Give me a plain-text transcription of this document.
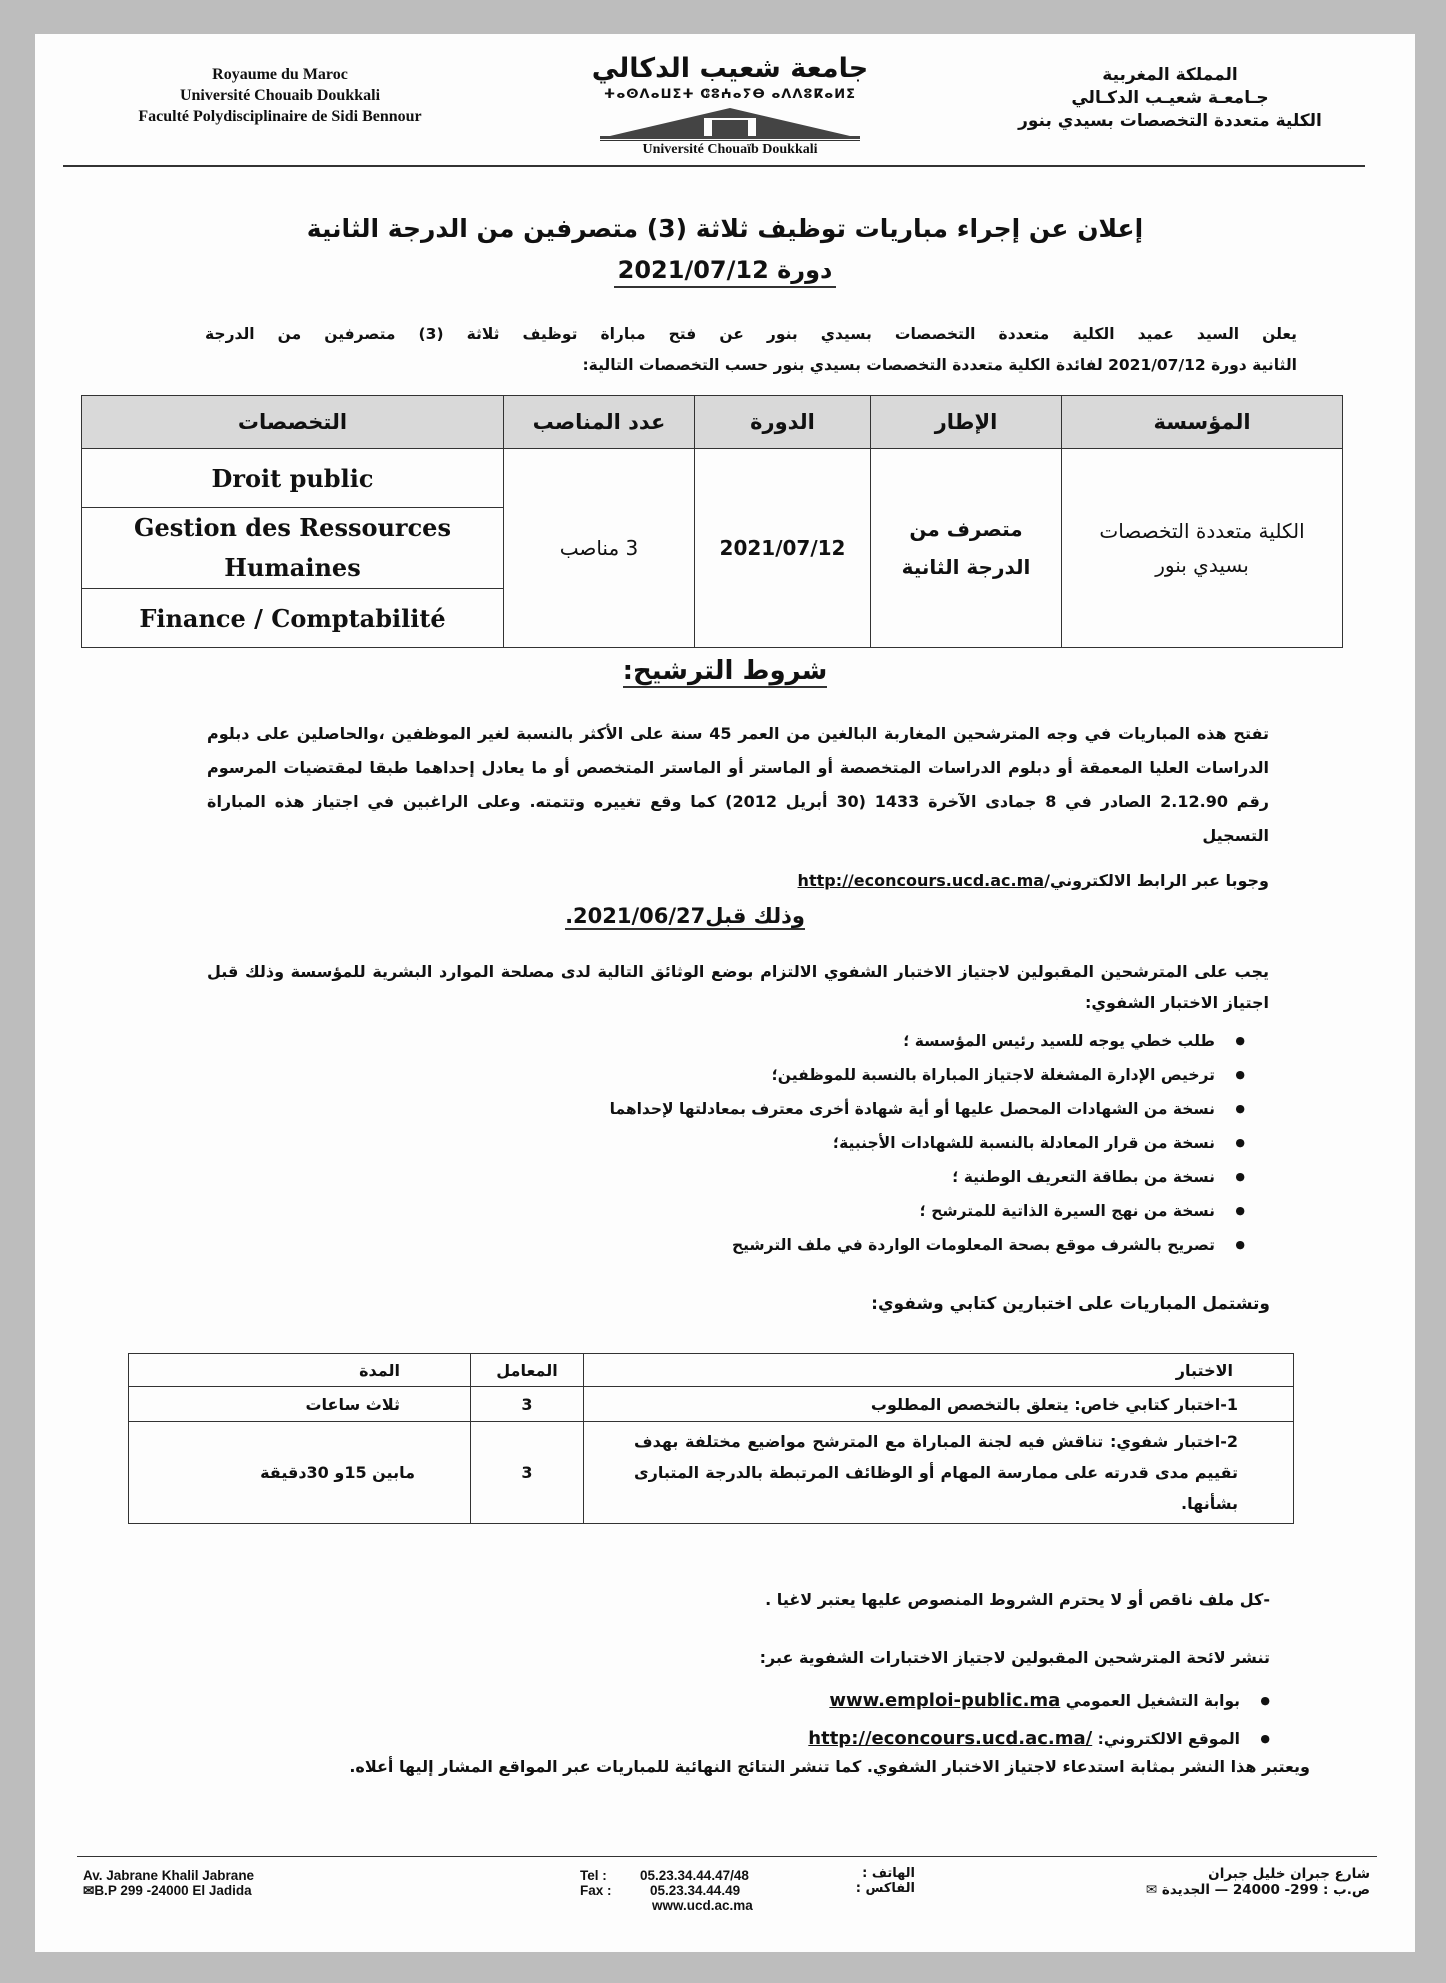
Royaume du Maroc
Université Chouaib Doukkali
Faculté Polydisciplinaire de Sidi Bennour
جامعة شعيب الدكالي
ⵜⴰⵙⴷⴰⵡⵉⵜ ⵛⵓⵄⴰⵢⴱ ⴰⴷⴷⵓⴽⴰⵍⵉ
Université Chouaïb Doukkali
المملكة المغربية
جـامعـة شعيـب الدكـالي
الكلية متعددة التخصصات بسيدي بنور
إعلان عن إجراء مباريات توظيف ثلاثة (3) متصرفين من الدرجة الثانية
دورة 2021/07/12
يعلن السيد عميد الكلية متعددة التخصصات بسيدي بنور عن فتح مباراة توظيف ثلاثة (3) متصرفين من الدرجة
الثانية دورة 2021/07/12 لفائدة الكلية متعددة التخصصات بسيدي بنور حسب التخصصات التالية:
المؤسسة	الإطار	الدورة	عدد المناصب	التخصصات
الكلية متعددة التخصصات بسيدي بنور	متصرف من الدرجة الثانية	2021/07/12	3 مناصب	Droit public
				Gestion des Ressources Humaines
				Finance / Comptabilité
شروط الترشيح:
تفتح هذه المباريات في وجه المترشحين المغاربة البالغين من العمر 45 سنة على الأكثر بالنسبة لغير الموظفين ،والحاصلين على دبلوم الدراسات العليا المعمقة أو دبلوم الدراسات المتخصصة أو الماستر أو الماستر المتخصص أو ما يعادل إحداهما طبقا لمقتضيات المرسوم رقم 2.12.90 الصادر في 8 جمادى الآخرة 1433 (30 أبريل 2012) كما وقع تغييره وتتمته. وعلى الراغبين في اجتياز هذه المباراة التسجيل
وجوبا عبر الرابط الالكتروني/http://econcours.ucd.ac.ma
وذلك قبل2021/06/27.
يجب على المترشحين المقبولين لاجتياز الاختبار الشفوي الالتزام بوضع الوثائق التالية لدى مصلحة الموارد البشرية للمؤسسة وذلك قبل اجتياز الاختبار الشفوي:
● طلب خطي يوجه للسيد رئيس المؤسسة ؛
● ترخيص الإدارة المشغلة لاجتياز المباراة بالنسبة للموظفين؛
● نسخة من الشهادات المحصل عليها أو أية شهادة أخرى معترف بمعادلتها لإحداهما
● نسخة من قرار المعادلة بالنسبة للشهادات الأجنبية؛
● نسخة من بطاقة التعريف الوطنية ؛
● نسخة من نهج السيرة الذاتية للمترشح ؛
● تصريح بالشرف موقع بصحة المعلومات الواردة في ملف الترشيح
وتشتمل المباريات على اختبارين كتابي وشفوي:
الاختبار	المعامل	المدة
1-اختبار كتابي خاص: يتعلق بالتخصص المطلوب	3	ثلاث ساعات
2-اختبار شفوي: تناقش فيه لجنة المباراة مع المترشح مواضيع مختلفة بهدف تقييم مدى قدرته على ممارسة المهام أو الوظائف المرتبطة بالدرجة المتبارى بشأنها.	3	مابين 15و 30دقيقة
-كل ملف ناقص أو لا يحترم الشروط المنصوص عليها يعتبر لاغيا .
تنشر لائحة المترشحين المقبولين لاجتياز الاختبارات الشفوية عبر:
● بوابة التشغيل العمومي www.emploi-public.ma
● الموقع الالكتروني: http://econcours.ucd.ac.ma/
ويعتبر هذا النشر بمثابة استدعاء لاجتياز الاختبار الشفوي. كما تنشر النتائج النهائية للمباريات عبر المواقع المشار إليها أعلاه.
Av. Jabrane Khalil Jabrane
✉B.P 299 -24000 El Jadida
Tel : 05.23.34.44.47/48
Fax :	05.23.34.44.49
www.ucd.ac.ma
الهاتف :
الفاكس :
شارع جبران خليل جبران
ص.ب : 299- 24000 — الجديدة ✉
